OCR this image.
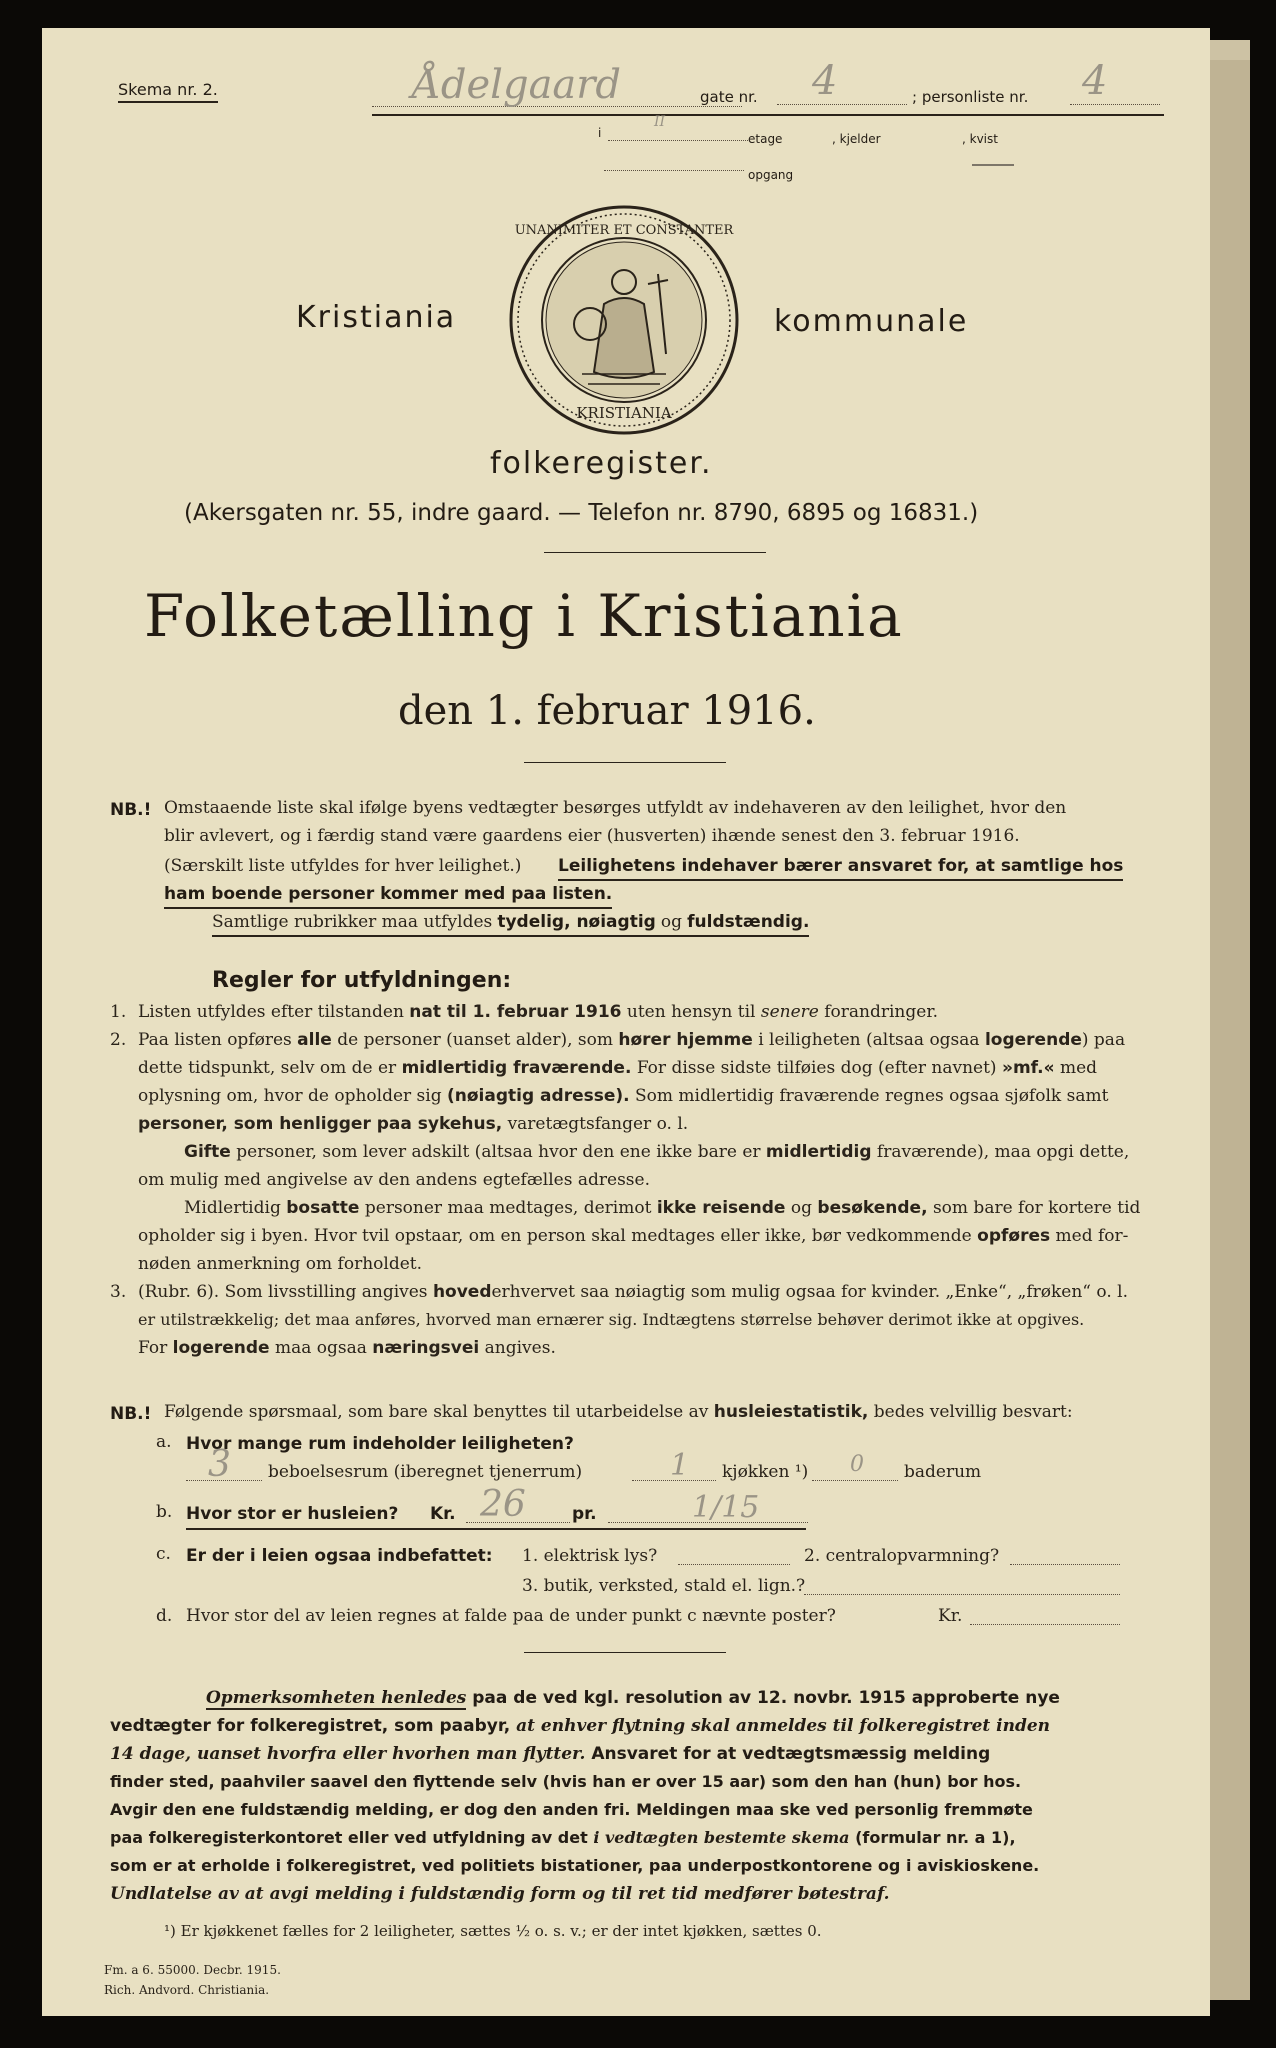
Skema nr. 2.	Ådelgaard	gate nr. 4	; personliste nr. 4
i
II
etage	, kjelder	, kvist
opgang
UNANIMITER ET CONSTANTER
KRISTIANIA
Kristiania	kommunale
folkeregister.
(Akersgaten nr. 55, indre gaard. — Telefon nr. 8790, 6895 og 16831.)
Folketælling i Kristiania
den 1. februar 1916.
NB.! Omstaaende liste skal ifølge byens vedtægter besørges utfyldt av indehaveren av den leilighet, hvor den
blir avlevert, og i færdig stand være gaardens eier (husverten) ihænde senest den 3. februar 1916.
(Særskilt liste utfyldes for hver leilighet.) Leilighetens indehaver bærer ansvaret for, at samtlige hos
ham boende personer kommer med paa listen.
Samtlige rubrikker maa utfyldes tydelig, nøiagtig og fuldstændig.
Regler for utfyldningen:
1. Listen utfyldes efter tilstanden nat til 1. februar 1916 uten hensyn til senere forandringer.
2. Paa listen opføres alle de personer (uanset alder), som hører hjemme i leiligheten (altsaa ogsaa logerende) paa
dette tidspunkt, selv om de er midlertidig fraværende. For disse sidste tilføies dog (efter navnet) »mf.« med
oplysning om, hvor de opholder sig (nøiagtig adresse). Som midlertidig fraværende regnes ogsaa sjøfolk samt
personer, som henligger paa sykehus, varetægtsfanger o. l.
Gifte personer, som lever adskilt (altsaa hvor den ene ikke bare er midlertidig fraværende), maa opgi dette,
om mulig med angivelse av den andens egtefælles adresse.
Midlertidig bosatte personer maa medtages, derimot ikke reisende og besøkende, som bare for kortere tid
opholder sig i byen. Hvor tvil opstaar, om en person skal medtages eller ikke, bør vedkommende opføres med for-
nøden anmerkning om forholdet.
3. (Rubr. 6). Som livsstilling angives hovederhvervet saa nøiagtig som mulig ogsaa for kvinder. „Enke“, „frøken“ o. l.
er utilstrækkelig; det maa anføres, hvorved man ernærer sig. Indtægtens størrelse behøver derimot ikke at opgives.
For logerende maa ogsaa næringsvei angives.
NB.! Følgende spørsmaal, som bare skal benyttes til utarbeidelse av husleiestatistik, bedes velvillig besvart:
a. Hvor mange rum indeholder leiligheten?
3 beboelsesrum (iberegnet tjenerrum)	1 kjøkken ¹) 0 baderum
b. Hvor stor er husleien? Kr. 26	pr.	1/15
c. Er der i leien ogsaa indbefattet: 1. elektrisk lys?	2. centralopvarmning?
3. butik, verksted, stald el. lign.?
d. Hvor stor del av leien regnes at falde paa de under punkt c nævnte poster?	Kr.
Opmerksomheten henledes paa de ved kgl. resolution av 12. novbr. 1915 approberte nye
vedtægter for folkeregistret, som paabyr, at enhver flytning skal anmeldes til folkeregistret inden
14 dage, uanset hvorfra eller hvorhen man flytter. Ansvaret for at vedtægtsmæssig melding
finder sted, paahviler saavel den flyttende selv (hvis han er over 15 aar) som den han (hun) bor hos.
Avgir den ene fuldstændig melding, er dog den anden fri. Meldingen maa ske ved personlig fremmøte
paa folkeregisterkontoret eller ved utfyldning av det i vedtægten bestemte skema (formular nr. a 1),
som er at erholde i folkeregistret, ved politiets bistationer, paa underpostkontorene og i aviskioskene.
Undlatelse av at avgi melding i fuldstændig form og til ret tid medfører bøtestraf.
¹) Er kjøkkenet fælles for 2 leiligheter, sættes ½ o. s. v.; er der intet kjøkken, sættes 0.
Fm. a 6. 55000. Decbr. 1915.
Rich. Andvord. Christiania.
